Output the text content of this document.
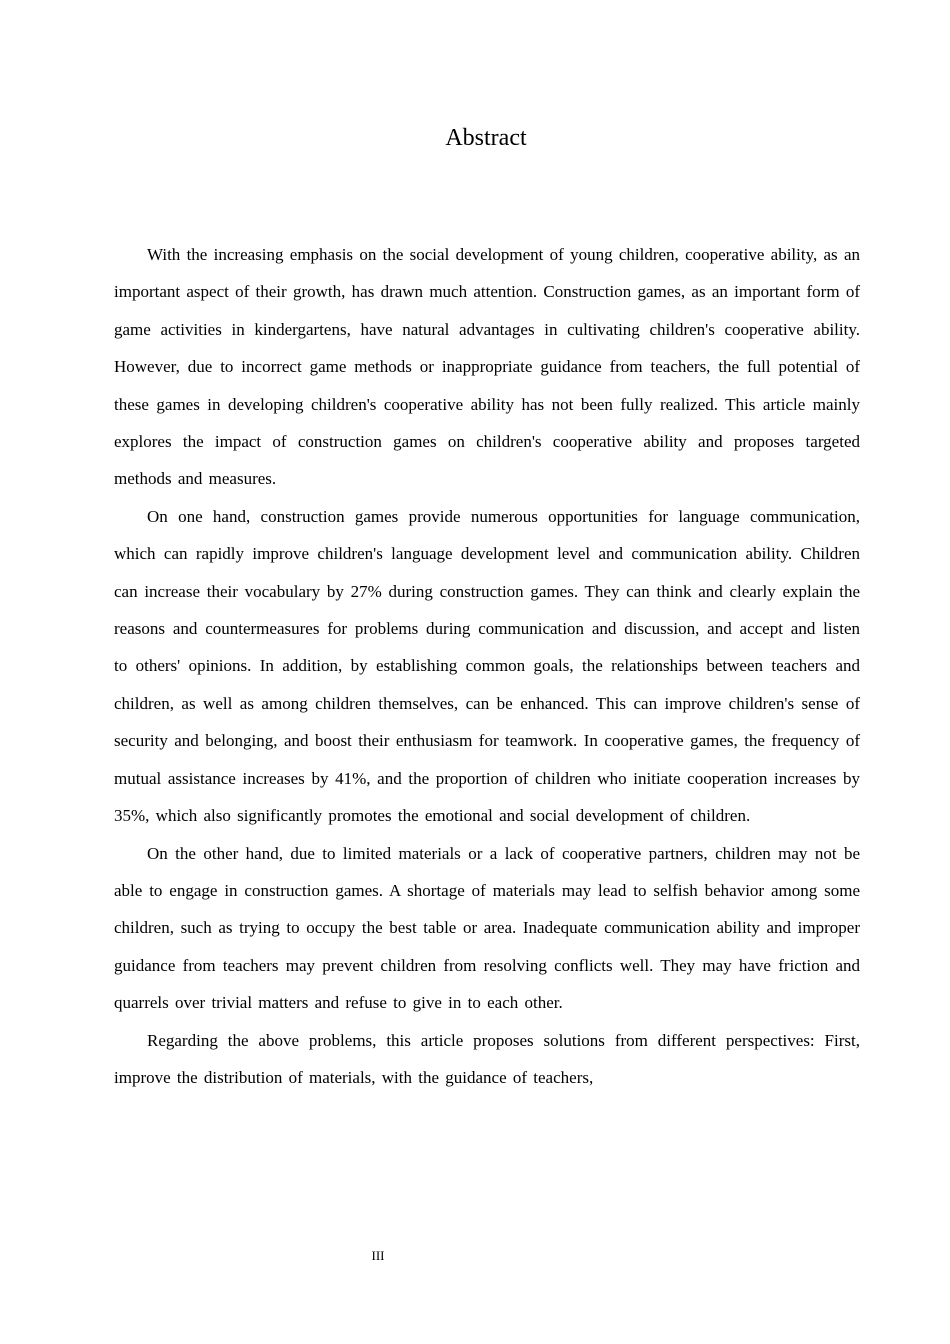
Abstract

With the increasing emphasis on the social development of young children, cooperative ability, as an important aspect of their growth, has drawn much attention. Construction games, as an important form of game activities in kindergartens, have natural advantages in cultivating children's cooperative ability. However, due to incorrect game methods or inappropriate guidance from teachers, the full potential of these games in developing children's cooperative ability has not been fully realized. This article mainly explores the impact of construction games on children's cooperative ability and proposes targeted methods and measures.

On one hand, construction games provide numerous opportunities for language communication, which can rapidly improve children's language development level and communication ability. Children can increase their vocabulary by 27% during construction games. They can think and clearly explain the reasons and countermeasures for problems during communication and discussion, and accept and listen to others' opinions. In addition, by establishing common goals, the relationships between teachers and children, as well as among children themselves, can be enhanced. This can improve children's sense of security and belonging, and boost their enthusiasm for teamwork. In cooperative games, the frequency of mutual assistance increases by 41%, and the proportion of children who initiate cooperation increases by 35%, which also significantly promotes the emotional and social development of children.

On the other hand, due to limited materials or a lack of cooperative partners, children may not be able to engage in construction games. A shortage of materials may lead to selfish behavior among some children, such as trying to occupy the best table or area. Inadequate communication ability and improper guidance from teachers may prevent children from resolving conflicts well. They may have friction and quarrels over trivial matters and refuse to give in to each other.

Regarding the above problems, this article proposes solutions from different perspectives: First, improve the distribution of materials, with the guidance of teachers,

III
